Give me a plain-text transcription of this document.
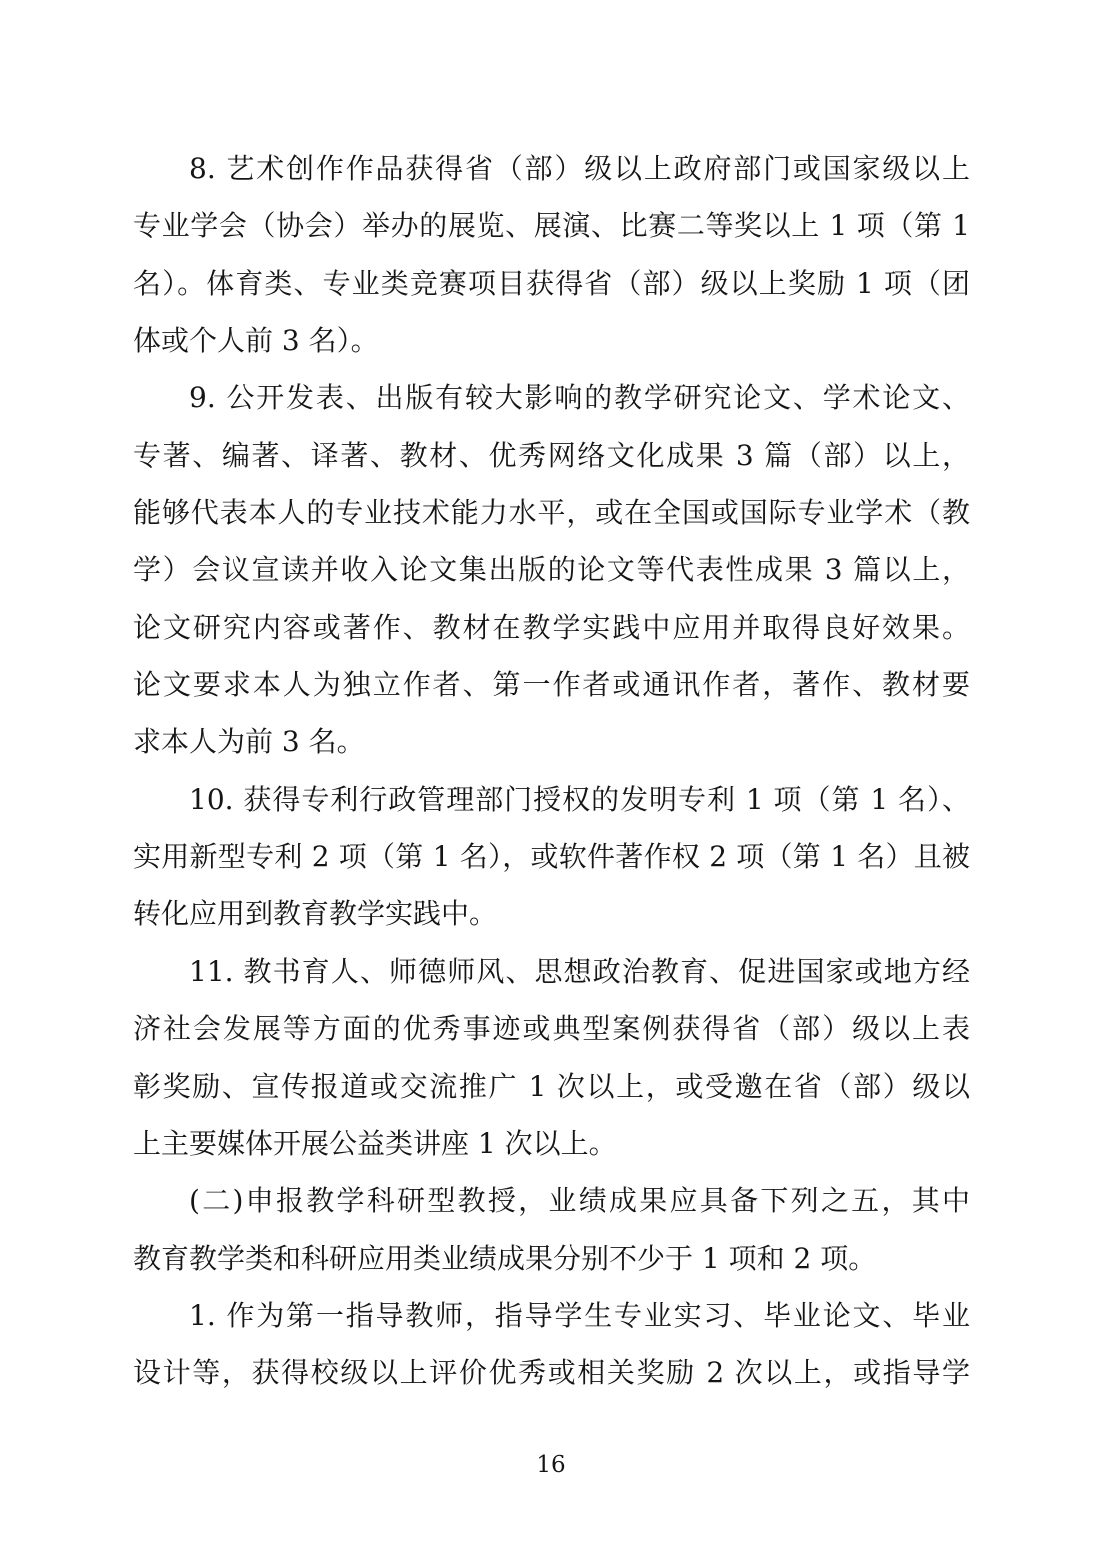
8. 艺术创作作品获得省（部）级以上政府部门或国家级以上
专业学会（协会）举办的展览、展演、比赛二等奖以上 1 项（第 1
名）。体育类、专业类竞赛项目获得省（部）级以上奖励 1 项（团
体或个人前 3 名）。
9. 公开发表、出版有较大影响的教学研究论文、学术论文、
专著、编著、译著、教材、优秀网络文化成果 3 篇（部）以上，
能够代表本人的专业技术能力水平，或在全国或国际专业学术（教
学）会议宣读并收入论文集出版的论文等代表性成果 3 篇以上，
论文研究内容或著作、教材在教学实践中应用并取得良好效果。
论文要求本人为独立作者、第一作者或通讯作者，著作、教材要
求本人为前 3 名。
10. 获得专利行政管理部门授权的发明专利 1 项（第 1 名）、
实用新型专利 2 项（第 1 名），或软件著作权 2 项（第 1 名）且被
转化应用到教育教学实践中。
11. 教书育人、师德师风、思想政治教育、促进国家或地方经
济社会发展等方面的优秀事迹或典型案例获得省（部）级以上表
彰奖励、宣传报道或交流推广 1 次以上，或受邀在省（部）级以
上主要媒体开展公益类讲座 1 次以上。
(二)申报教学科研型教授，业绩成果应具备下列之五，其中
教育教学类和科研应用类业绩成果分别不少于 1 项和 2 项。
1. 作为第一指导教师，指导学生专业实习、毕业论文、毕业
设计等，获得校级以上评价优秀或相关奖励 2 次以上，或指导学
16
